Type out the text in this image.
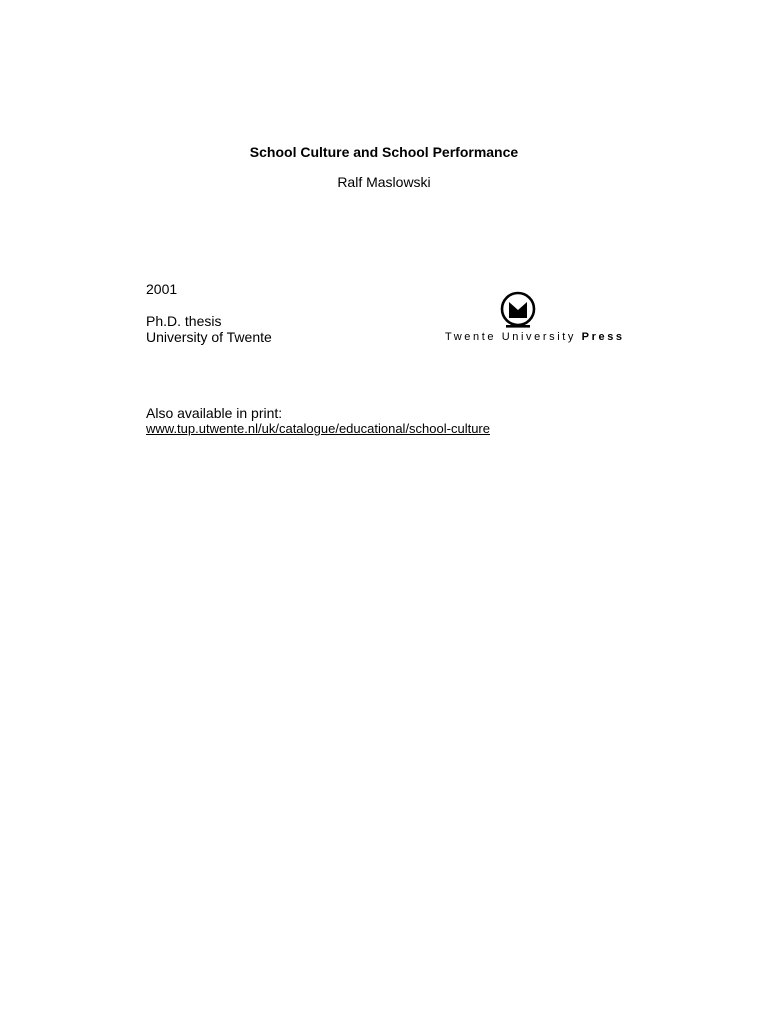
School Culture and School Performance
Ralf Maslowski
2001
Ph.D. thesis
University of Twente	Twente University Press
Also available in print:
www.tup.utwente.nl/uk/catalogue/educational/school-culture
